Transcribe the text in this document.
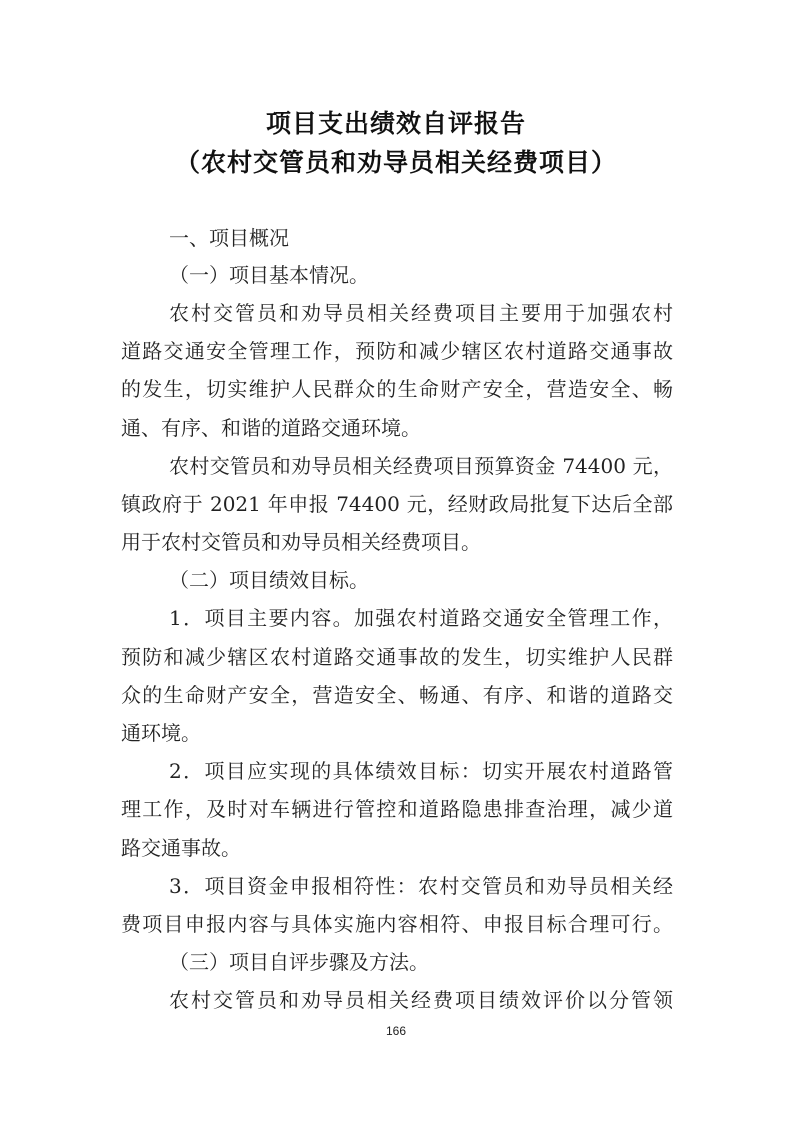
项目支出绩效自评报告
（农村交管员和劝导员相关经费项目）
一、项目概况
（一）项目基本情况。
农村交管员和劝导员相关经费项目主要用于加强农村
道路交通安全管理工作，预防和减少辖区农村道路交通事故
的发生，切实维护人民群众的生命财产安全，营造安全、畅
通、有序、和谐的道路交通环境。
农村交管员和劝导员相关经费项目预算资金 74400 元，
镇政府于 2021 年申报 74400 元，经财政局批复下达后全部
用于农村交管员和劝导员相关经费项目。
（二）项目绩效目标。
1．项目主要内容。加强农村道路交通安全管理工作，
预防和减少辖区农村道路交通事故的发生，切实维护人民群
众的生命财产安全，营造安全、畅通、有序、和谐的道路交
通环境。
2．项目应实现的具体绩效目标：切实开展农村道路管
理工作，及时对车辆进行管控和道路隐患排查治理，减少道
路交通事故。
3．项目资金申报相符性：农村交管员和劝导员相关经
费项目申报内容与具体实施内容相符、申报目标合理可行。
（三）项目自评步骤及方法。
农村交管员和劝导员相关经费项目绩效评价以分管领
166
